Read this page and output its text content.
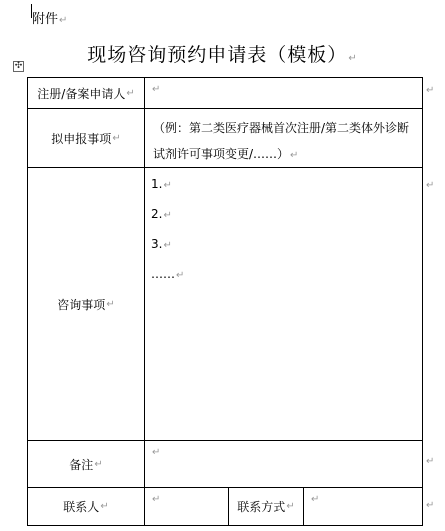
附件↵
现场咨询预约申请表（模板）↵
✣
注册/备案申请人 ↵	↵
拟申报事项 ↵
（例：第二类医疗器械首次注册/第二类体外诊断试剂许可事项变更/……）↵
咨询事项 ↵
1.↵
2.↵
3.↵
……↵
备注 ↵
↵
联系人 ↵
↵
联系方式 ↵
↵
↵
↵
↵
↵
